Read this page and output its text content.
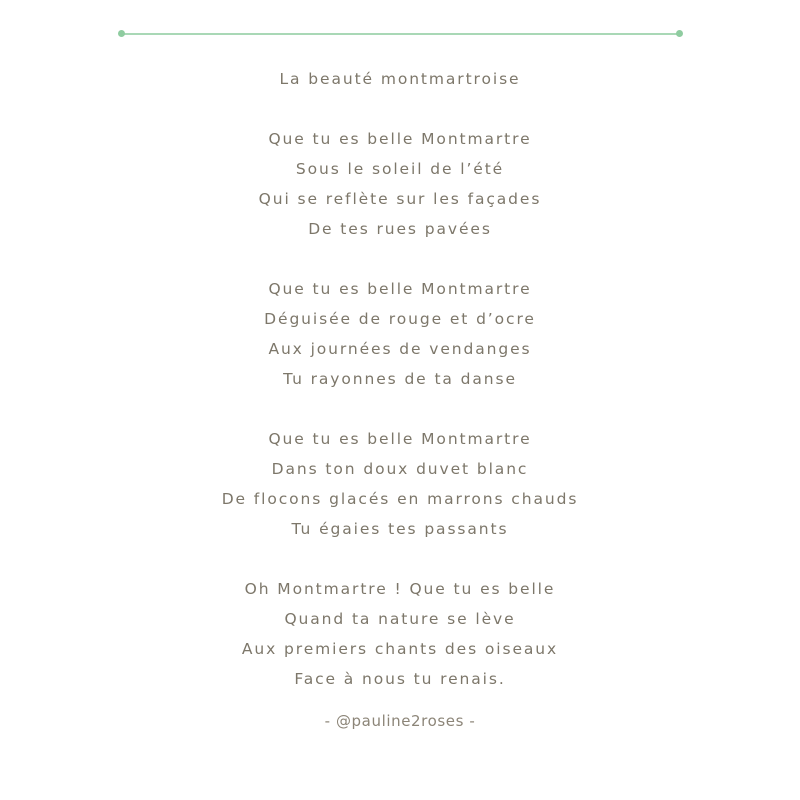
La beauté montmartroise
Que tu es belle Montmartre
Sous le soleil de l’été
Qui se reflète sur les façades
De tes rues pavées
Que tu es belle Montmartre
Déguisée de rouge et d’ocre
Aux journées de vendanges
Tu rayonnes de ta danse
Que tu es belle Montmartre
Dans ton doux duvet blanc
De flocons glacés en marrons chauds
Tu égaies tes passants
Oh Montmartre ! Que tu es belle
Quand ta nature se lève
Aux premiers chants des oiseaux
Face à nous tu renais.
- @pauline2roses -
